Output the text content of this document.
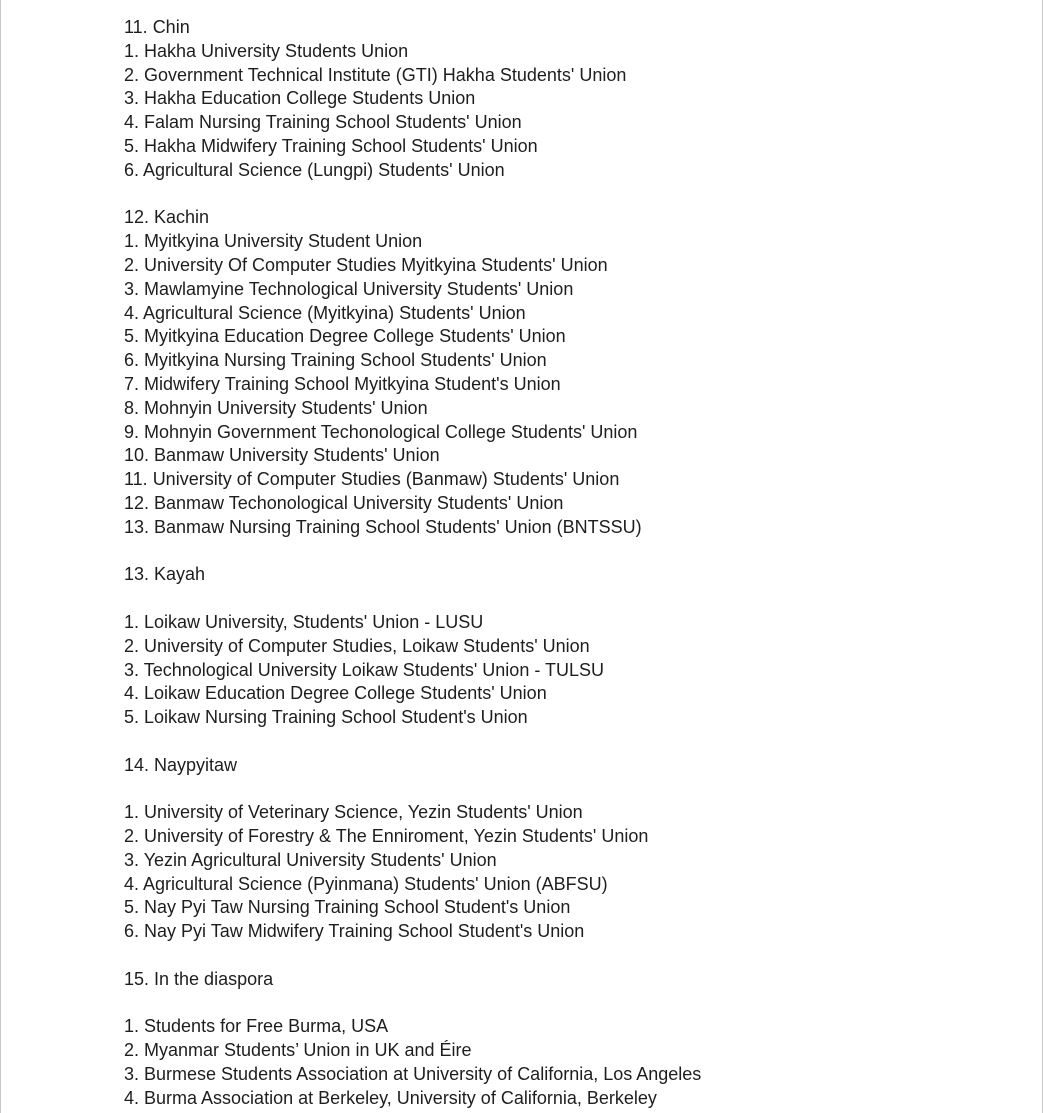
11. Chin
1. Hakha University Students Union
2. Government Technical Institute (GTI) Hakha Students' Union
3. Hakha Education College Students Union
4. Falam Nursing Training School Students' Union
5. Hakha Midwifery Training School Students' Union
6. Agricultural Science (Lungpi) Students' Union
12. Kachin
1. Myitkyina University Student Union
2. University Of Computer Studies Myitkyina Students' Union
3. Mawlamyine Technological University Students' Union
4. Agricultural Science (Myitkyina) Students' Union
5. Myitkyina Education Degree College Students' Union
6. Myitkyina Nursing Training School Students' Union
7. Midwifery Training School Myitkyina Student's Union
8. Mohnyin University Students' Union
9. Mohnyin Government Techonological College Students' Union
10. Banmaw University Students' Union
11. University of Computer Studies (Banmaw) Students' Union
12. Banmaw Techonological University Students' Union
13. Banmaw Nursing Training School Students' Union (BNTSSU)
13. Kayah
1. Loikaw University, Students' Union - LUSU
2. University of Computer Studies, Loikaw Students' Union
3. Technological University Loikaw Students' Union - TULSU
4. Loikaw Education Degree College Students' Union
5. Loikaw Nursing Training School Student's Union
14. Naypyitaw
1. University of Veterinary Science, Yezin Students' Union
2. University of Forestry & The Enniroment, Yezin Students' Union
3. Yezin Agricultural University Students' Union
4. Agricultural Science (Pyinmana) Students' Union (ABFSU)
5. Nay Pyi Taw Nursing Training School Student's Union
6. Nay Pyi Taw Midwifery Training School Student's Union
15. In the diaspora
1. Students for Free Burma, USA
2. Myanmar Students’ Union in UK and Éire
3. Burmese Students Association at University of California, Los Angeles
4. Burma Association at Berkeley, University of California, Berkeley
